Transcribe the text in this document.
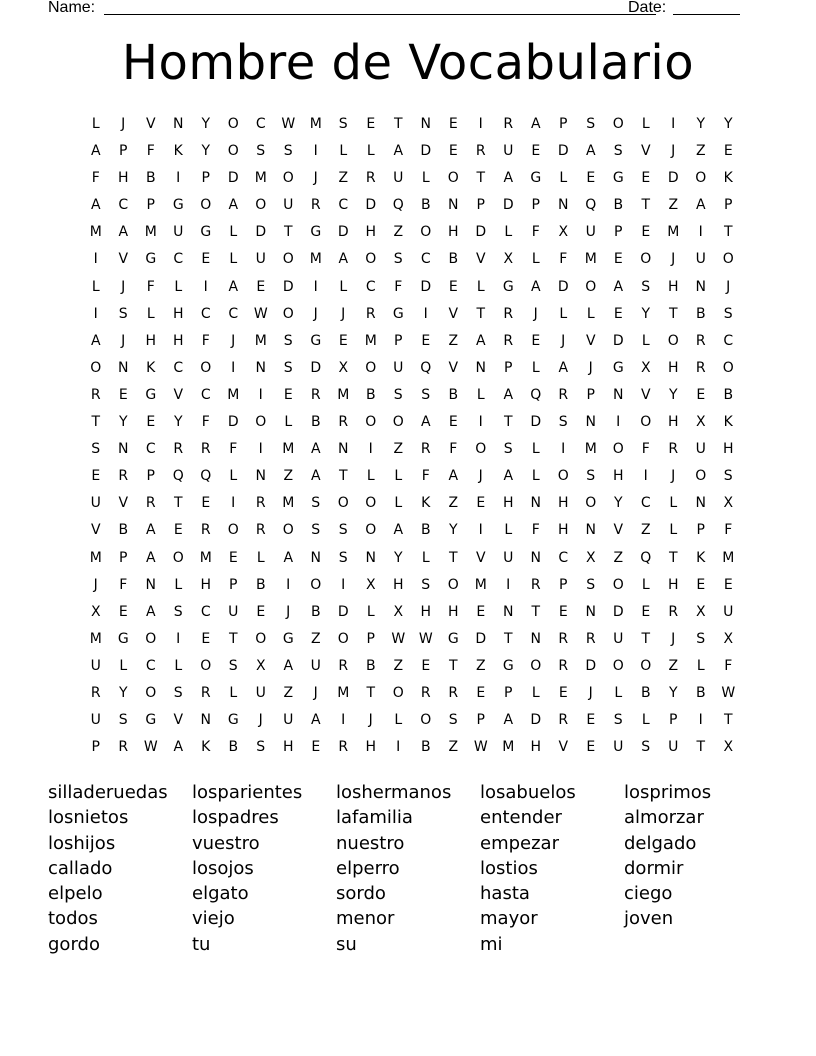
Name:	Date:
Hombre de Vocabulario
L	J	V	N	Y	O	C	W	M	S	E	T	N	E	I	R	A	P	S	O	L	I	Y	Y
A	P	F	K	Y	O	S	S	I	L	L	A	D	E	R	U	E	D	A	S	V	J	Z	E
F	H	B	I	P	D	M	O	J	Z	R	U	L	O	T	A	G	L	E	G	E	D	O	K
A	C	P	G	O	A	O	U	R	C	D	Q	B	N	P	D	P	N	Q	B	T	Z	A	P
M	A	M	U	G	L	D	T	G	D	H	Z	O	H	D	L	F	X	U	P	E	M	I	T
I	V	G	C	E	L	U	O	M	A	O	S	C	B	V	X	L	F	M	E	O	J	U	O
L	J	F	L	I	A	E	D	I	L	C	F	D	E	L	G	A	D	O	A	S	H	N	J
I	S	L	H	C	C	W	O	J	J	R	G	I	V	T	R	J	L	L	E	Y	T	B	S
A	J	H	H	F	J	M	S	G	E	M	P	E	Z	A	R	E	J	V	D	L	O	R	C
O	N	K	C	O	I	N	S	D	X	O	U	Q	V	N	P	L	A	J	G	X	H	R	O
R	E	G	V	C	M	I	E	R	M	B	S	S	B	L	A	Q	R	P	N	V	Y	E	B
T	Y	E	Y	F	D	O	L	B	R	O	O	A	E	I	T	D	S	N	I	O	H	X	K
S	N	C	R	R	F	I	M	A	N	I	Z	R	F	O	S	L	I	M	O	F	R	U	H
E	R	P	Q	Q	L	N	Z	A	T	L	L	F	A	J	A	L	O	S	H	I	J	O	S
U	V	R	T	E	I	R	M	S	O	O	L	K	Z	E	H	N	H	O	Y	C	L	N	X
V	B	A	E	R	O	R	O	S	S	O	A	B	Y	I	L	F	H	N	V	Z	L	P	F
M	P	A	O	M	E	L	A	N	S	N	Y	L	T	V	U	N	C	X	Z	Q	T	K	M
J	F	N	L	H	P	B	I	O	I	X	H	S	O	M	I	R	P	S	O	L	H	E	E
X	E	A	S	C	U	E	J	B	D	L	X	H	H	E	N	T	E	N	D	E	R	X	U
M	G	O	I	E	T	O	G	Z	O	P	W W	G	D	T	N	R	R	U	T	J	S	X
U	L	C	L	O	S	X	A	U	R	B	Z	E	T	Z	G	O	R	D	O	O	Z	L	F
R	Y	O	S	R	L	U	Z	J	M	T	O	R	R	E	P	L	E	J	L	B	Y	B	W
U	S	G	V	N	G	J	U	A	I	J	L	O	S	P	A	D	R	E	S	L	P	I	T
P	R	W	A	K	B	S	H	E	R	H	I	B	Z	W	M	H	V	E	U	S	U	T	X
silladeruedas	losparientes	loshermanos	losabuelos	losprimos
losnietos	lospadres	lafamilia	entender	almorzar
loshijos	vuestro	nuestro	empezar	delgado
callado	losojos	elperro	lostios	dormir
elpelo	elgato	sordo	hasta	ciego
todos	viejo	menor	mayor	joven
gordo	tu	su	mi
